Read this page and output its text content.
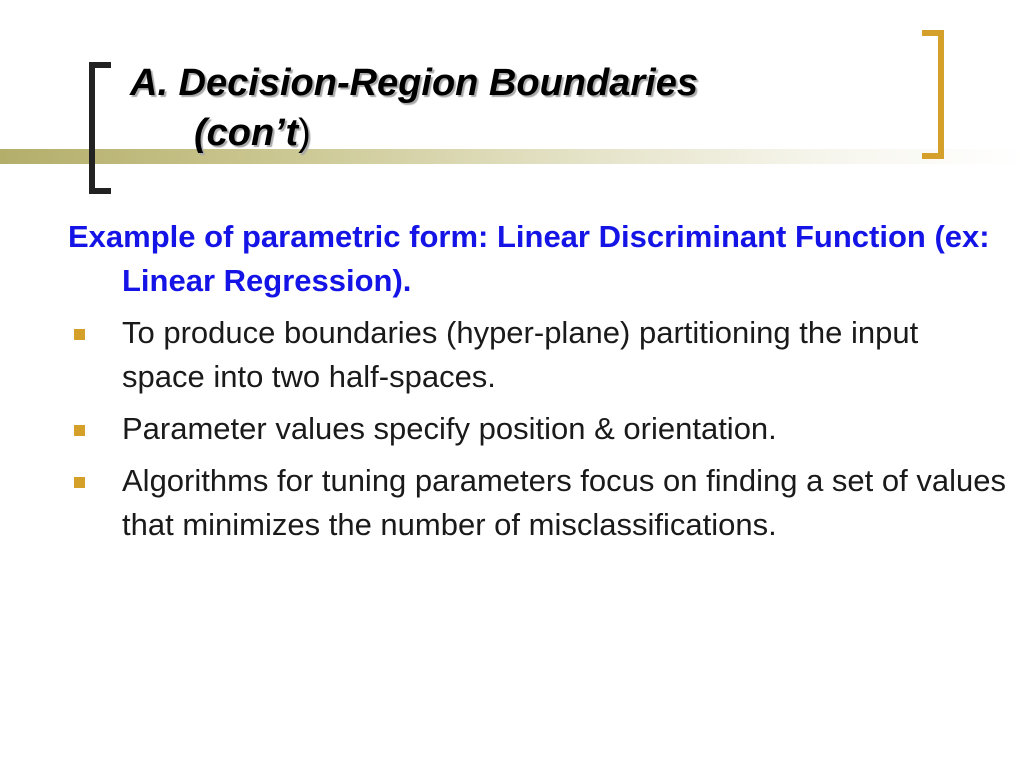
A. Decision-Region Boundaries
(con’t)

Example of parametric form: Linear Discriminant Function (ex: Linear Regression).

To produce boundaries (hyper-plane) partitioning the input space into two half-spaces.
Parameter values specify position & orientation.
Algorithms for tuning parameters focus on finding a set of values that minimizes the number of misclassifications.
